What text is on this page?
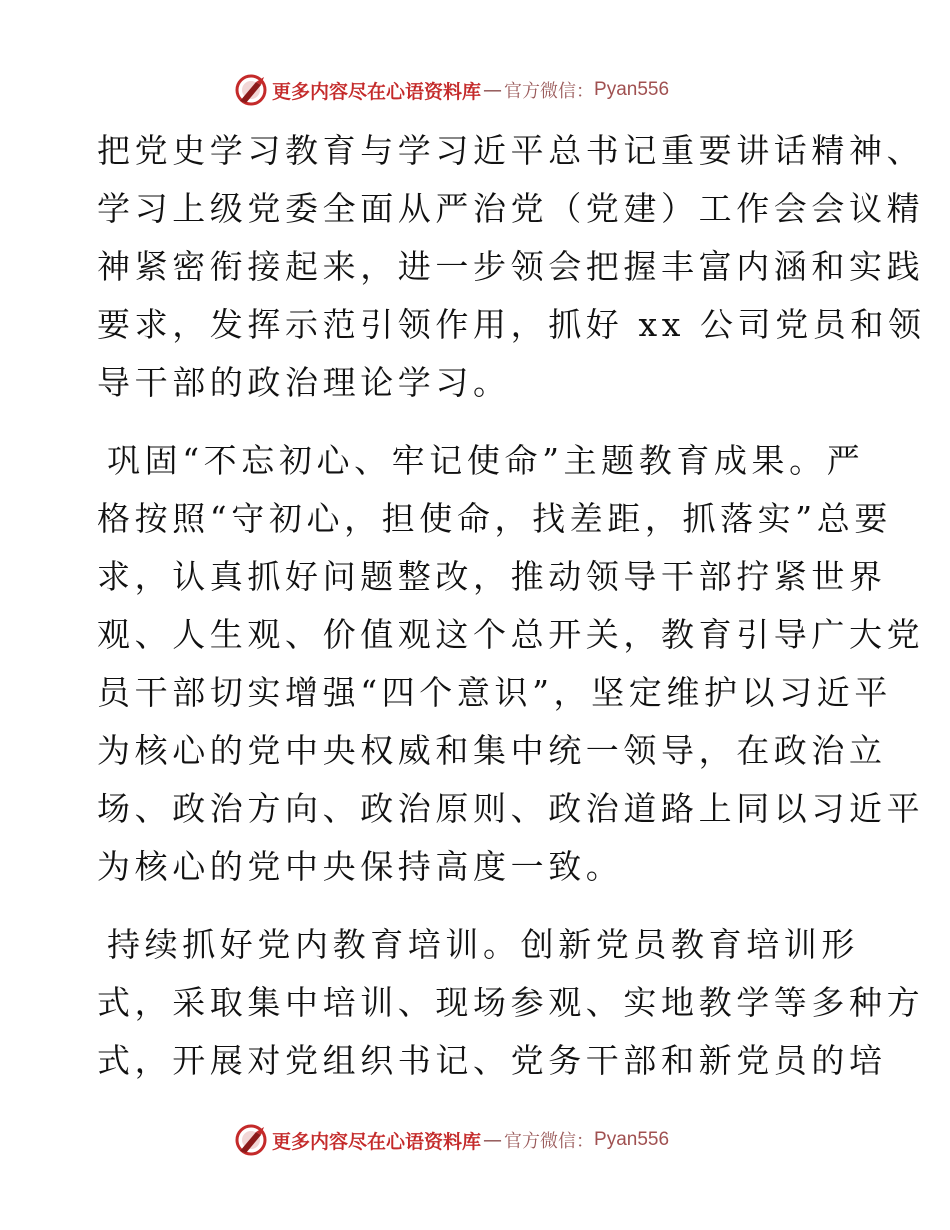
更多内容尽在心语资料库 — 官方微信： Pyan556
把党史学习教育与学习近平总书记重要讲话精神、
学习上级党委全面从严治党（党建）工作会会议精
神紧密衔接起来，进一步领会把握丰富内涵和实践
要求，发挥示范引领作用，抓好 xx 公司党员和领
导干部的政治理论学习。
巩固“不忘初心、牢记使命”主题教育成果。严
格按照“守初心，担使命，找差距，抓落实”总要
求，认真抓好问题整改，推动领导干部拧紧世界
观、人生观、价值观这个总开关，教育引导广大党
员干部切实增强“四个意识”，坚定维护以习近平
为核心的党中央权威和集中统一领导，在政治立
场、政治方向、政治原则、政治道路上同以习近平
为核心的党中央保持高度一致。
持续抓好党内教育培训。创新党员教育培训形
式，采取集中培训、现场参观、实地教学等多种方
式，开展对党组织书记、党务干部和新党员的培
更多内容尽在心语资料库 — 官方微信： Pyan556
